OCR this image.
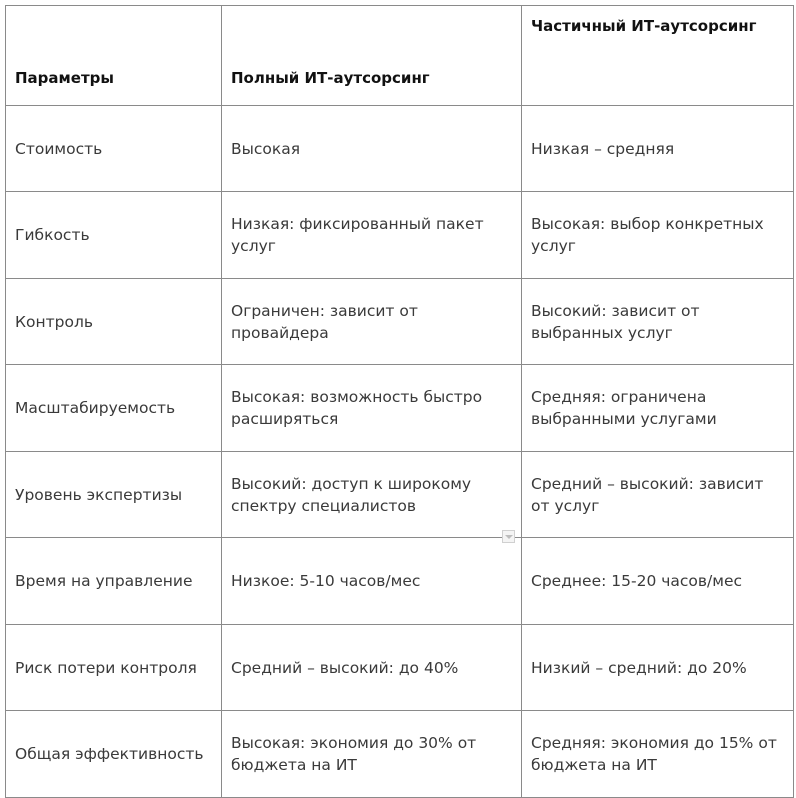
Параметры	Полный ИТ-аутсорсинг	Частичный ИТ-аутсорсинг
Стоимость	Высокая	Низкая – средняя
Гибкость	Низкая: фиксированный пакет услуг	Высокая: выбор конкретных услуг
Контроль	Ограничен: зависит от провайдера	Высокий: зависит от выбранных услуг
Масштабируемость	Высокая: возможность быстро расширяться	Средняя: ограничена выбранными услугами
Уровень экспертизы	Высокий: доступ к широкому спектру специалистов	Средний – высокий: зависит от услуг
Время на управление	Низкое: 5-10 часов/мес	Среднее: 15-20 часов/мес
Риск потери контроля	Средний – высокий: до 40%	Низкий – средний: до 20%
Общая эффективность	Высокая: экономия до 30% от бюджета на ИТ	Средняя: экономия до 15% от бюджета на ИТ
